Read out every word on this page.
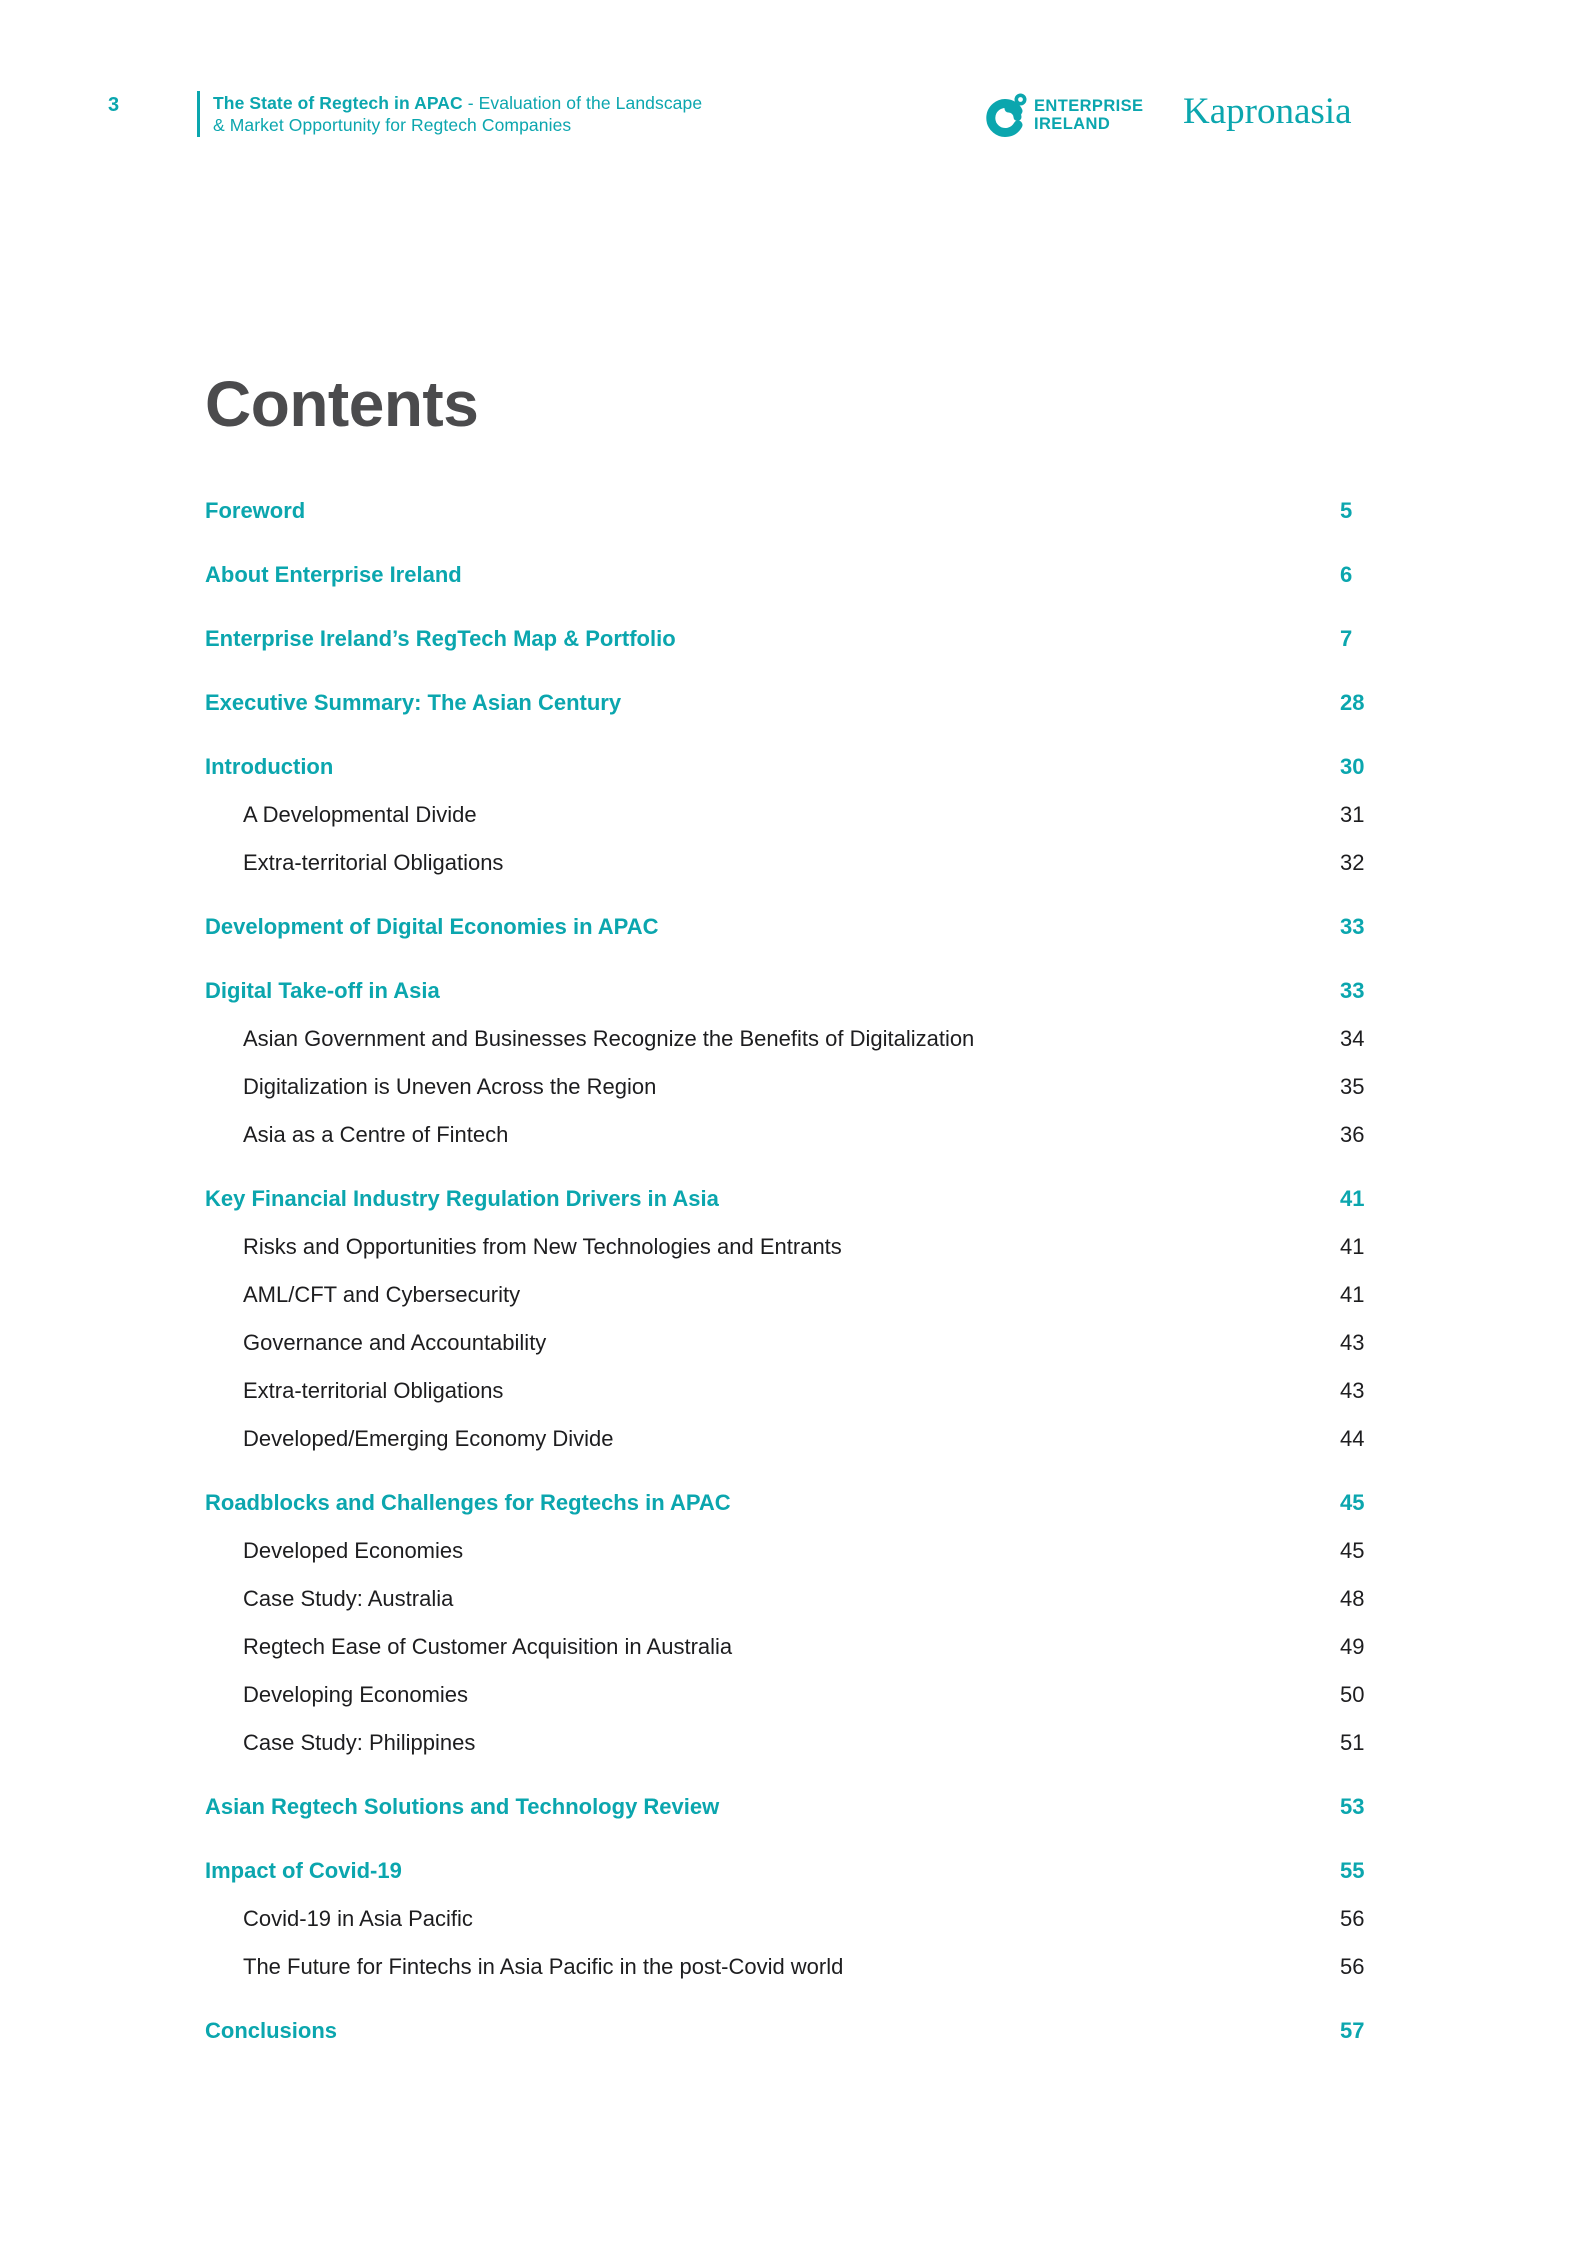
3	The State of Regtech in APAC - Evaluation of the Landscape
& Market Opportunity for Regtech Companies
ENTERPRISE
IRELAND	Kapronasia
Contents
Foreword	5
About Enterprise Ireland	6
Enterprise Ireland’s RegTech Map & Portfolio	7
Executive Summary: The Asian Century	28
Introduction	30
A Developmental Divide	31
Extra-territorial Obligations	32
Development of Digital Economies in APAC	33
Digital Take-off in Asia	33
Asian Government and Businesses Recognize the Benefits of Digitalization	34
Digitalization is Uneven Across the Region	35
Asia as a Centre of Fintech	36
Key Financial Industry Regulation Drivers in Asia	41
Risks and Opportunities from New Technologies and Entrants	41
AML/CFT and Cybersecurity	41
Governance and Accountability	43
Extra-territorial Obligations	43
Developed/Emerging Economy Divide	44
Roadblocks and Challenges for Regtechs in APAC	45
Developed Economies	45
Case Study: Australia	48
Regtech Ease of Customer Acquisition in Australia	49
Developing Economies	50
Case Study: Philippines	51
Asian Regtech Solutions and Technology Review	53
Impact of Covid-19	55
Covid-19 in Asia Pacific	56
The Future for Fintechs in Asia Pacific in the post-Covid world	56
Conclusions	57
